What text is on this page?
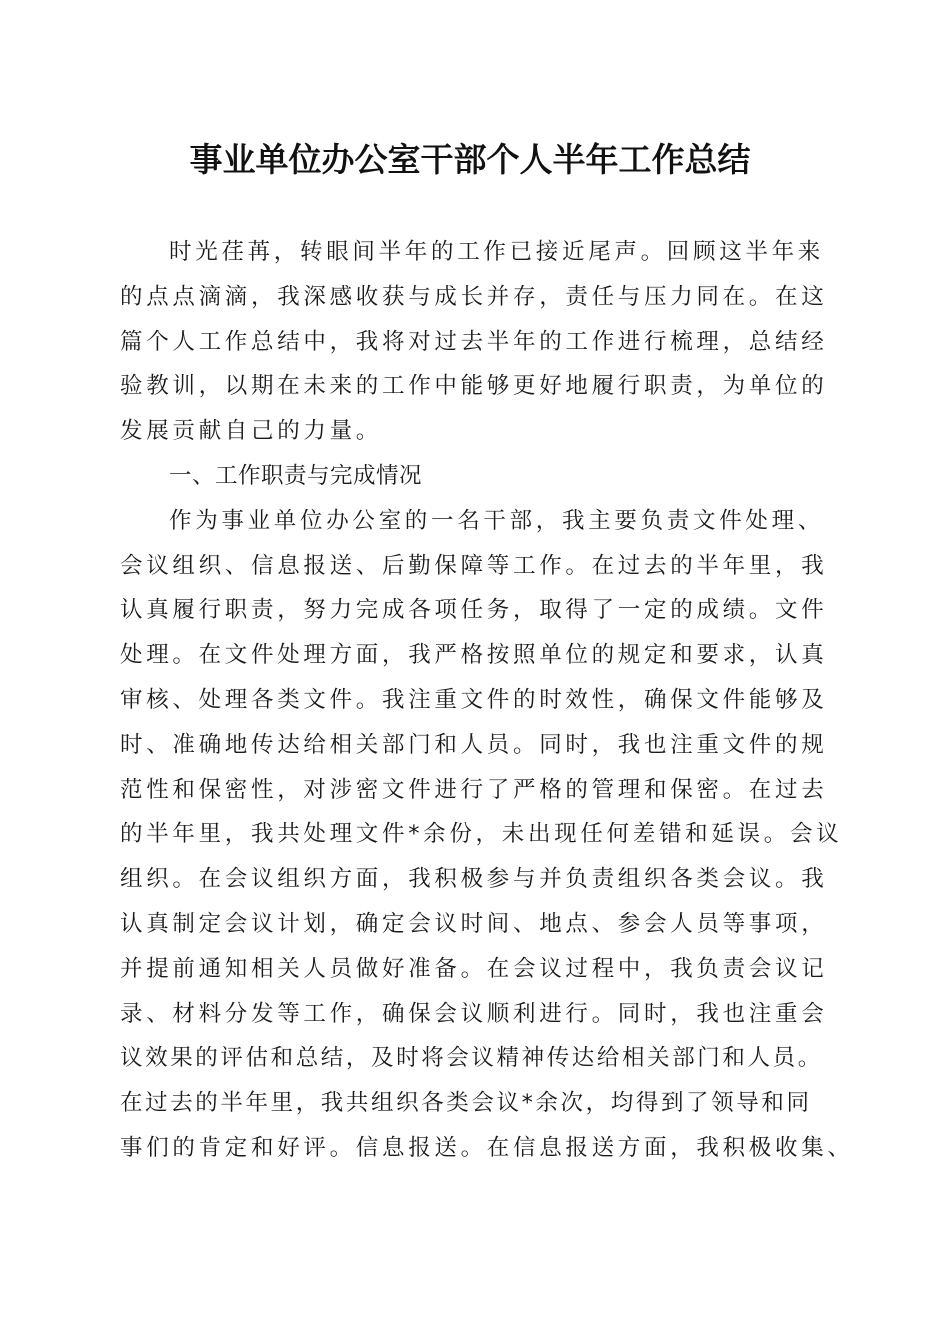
事业单位办公室干部个人半年工作总结
时光荏苒，转眼间半年的工作已接近尾声。回顾这半年来
的点点滴滴，我深感收获与成长并存，责任与压力同在。在这
篇个人工作总结中，我将对过去半年的工作进行梳理，总结经
验教训，以期在未来的工作中能够更好地履行职责，为单位的
发展贡献自己的力量。
一、工作职责与完成情况
作为事业单位办公室的一名干部，我主要负责文件处理、
会议组织、信息报送、后勤保障等工作。在过去的半年里，我
认真履行职责，努力完成各项任务，取得了一定的成绩。文件
处理。在文件处理方面，我严格按照单位的规定和要求，认真
审核、处理各类文件。我注重文件的时效性，确保文件能够及
时、准确地传达给相关部门和人员。同时，我也注重文件的规
范性和保密性，对涉密文件进行了严格的管理和保密。在过去
的半年里，我共处理文件*余份，未出现任何差错和延误。会议
组织。在会议组织方面，我积极参与并负责组织各类会议。我
认真制定会议计划，确定会议时间、地点、参会人员等事项，
并提前通知相关人员做好准备。在会议过程中，我负责会议记
录、材料分发等工作，确保会议顺利进行。同时，我也注重会
议效果的评估和总结，及时将会议精神传达给相关部门和人员。
在过去的半年里，我共组织各类会议*余次，均得到了领导和同
事们的肯定和好评。信息报送。在信息报送方面，我积极收集、
